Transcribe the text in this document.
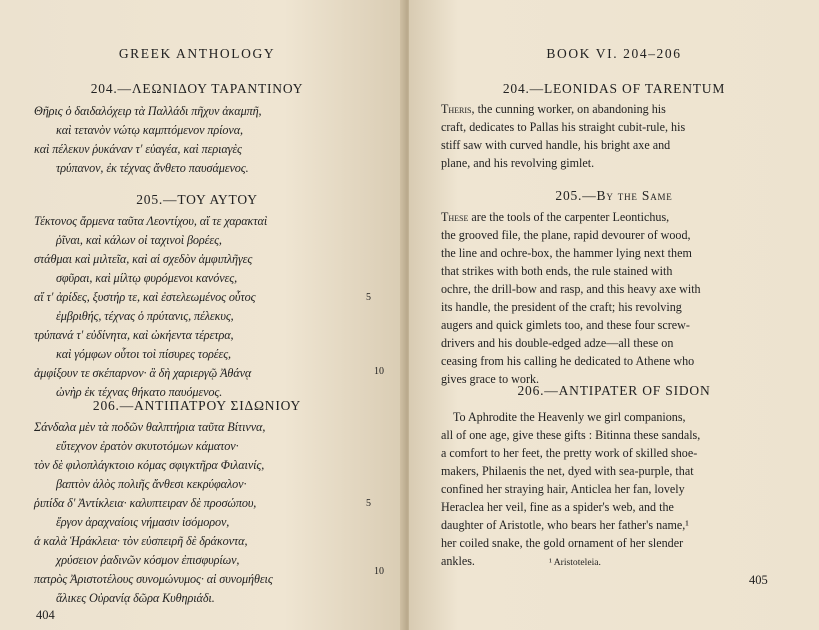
GREEK ANTHOLOGY
204.—ΛΕΩΝΙΔΟΥ ΤΑΡΑΝΤΙΝΟΥ
Θῆρις ὁ δαιδαλόχειρ τὰ Παλλάδι πῆχυν ἀκαμπῆ,
καὶ τετανὸν νώτῳ καμπτόμενον πρίονα,
καὶ πέλεκυν ῥυκάναν τ' εὐαγέα, καὶ περιαγὲς
τρύπανον, ἐκ τέχνας ἄνθετο παυσάμενος.
205.—ΤΟΥ ΑΥΤΟΥ
Τέκτονος ἄρμενα ταῦτα Λεοντίχου, αἵ τε χαρακταὶ
ῥῖναι, καὶ κάλων οἱ ταχινοὶ βορέες,
στάθμαι καὶ μιλτεῖα, καὶ αἱ σχεδὸν ἀμφιπλῆγες
σφῦραι, καὶ μίλτῳ φυρόμενοι κανόνες,
αἵ τ' ἀρίδες, ξυστήρ τε, καὶ ἐστελεωμένος οὗτος	5
ἐμβριθής, τέχνας ὁ πρύτανις, πέλεκυς,
τρύπανά τ' εὐδίνητα, καὶ ὠκήεντα τέρετρα,
καὶ γόμφων οὗτοι τοὶ πίσυρες τορέες,
ἀμφίξουν τε σκέπαρνον· ἃ δὴ χαριεργῷ Ἀθάνᾳ
ὠνὴρ ἐκ τέχνας θήκατο παυόμενος.
10
206.—ΑΝΤΙΠΑΤΡΟΥ ΣΙΔΩΝΙΟΥ
Σάνδαλα μὲν τὰ ποδῶν θαλπτήρια ταῦτα Βίτιννα,
εὔτεχνον ἐρατὸν σκυτοτόμων κάματον·
τὸν δὲ φιλοπλάγκτοιο κόμας σφιγκτῆρα Φιλαινίς,
βαπτὸν ἁλὸς πολιῆς ἄνθεσι κεκρύφαλον·
ῥιπίδα δ' Ἀντίκλεια· καλυπτειραν δὲ προσώπου,	5
ἔργον ἀραχναίοις νήμασιν ἰσόμορον,
ἁ καλὰ Ἡράκλεια· τὸν εὐσπειρῆ δὲ δράκοντα,
χρύσειον ῥαδινῶν κόσμον ἐπισφυρίων,
πατρὸς Ἀριστοτέλους συνομώνυμος· αἱ συνομήθεις
ἅλικες Οὐρανίᾳ δῶρα Κυθηριάδι.
10
404
BOOK VI. 204–206
204.—LEONIDAS OF TARENTUM
Theris, the cunning worker, on abandoning his
craft, dedicates to Pallas his straight cubit-rule, his
stiff saw with curved handle, his bright axe and
plane, and his revolving gimlet.
205.—By the Same
These are the tools of the carpenter Leontichus,
the grooved file, the plane, rapid devourer of wood,
the line and ochre-box, the hammer lying next them
that strikes with both ends, the rule stained with
ochre, the drill-bow and rasp, and this heavy axe with
its handle, the president of the craft; his revolving
augers and quick gimlets too, and these four screw-
drivers and his double-edged adze—all these on
ceasing from his calling he dedicated to Athene who
gives grace to work.
206.—ANTIPATER OF SIDON
To Aphrodite the Heavenly we girl companions,
all of one age, give these gifts : Bitinna these sandals,
a comfort to her feet, the pretty work of skilled shoe-
makers, Philaenis the net, dyed with sea-purple, that
confined her straying hair, Anticlea her fan, lovely
Heraclea her veil, fine as a spider's web, and the
daughter of Aristotle, who bears her father's name,¹
her coiled snake, the gold ornament of her slender
ankles.	¹ Aristoteleia.
405
